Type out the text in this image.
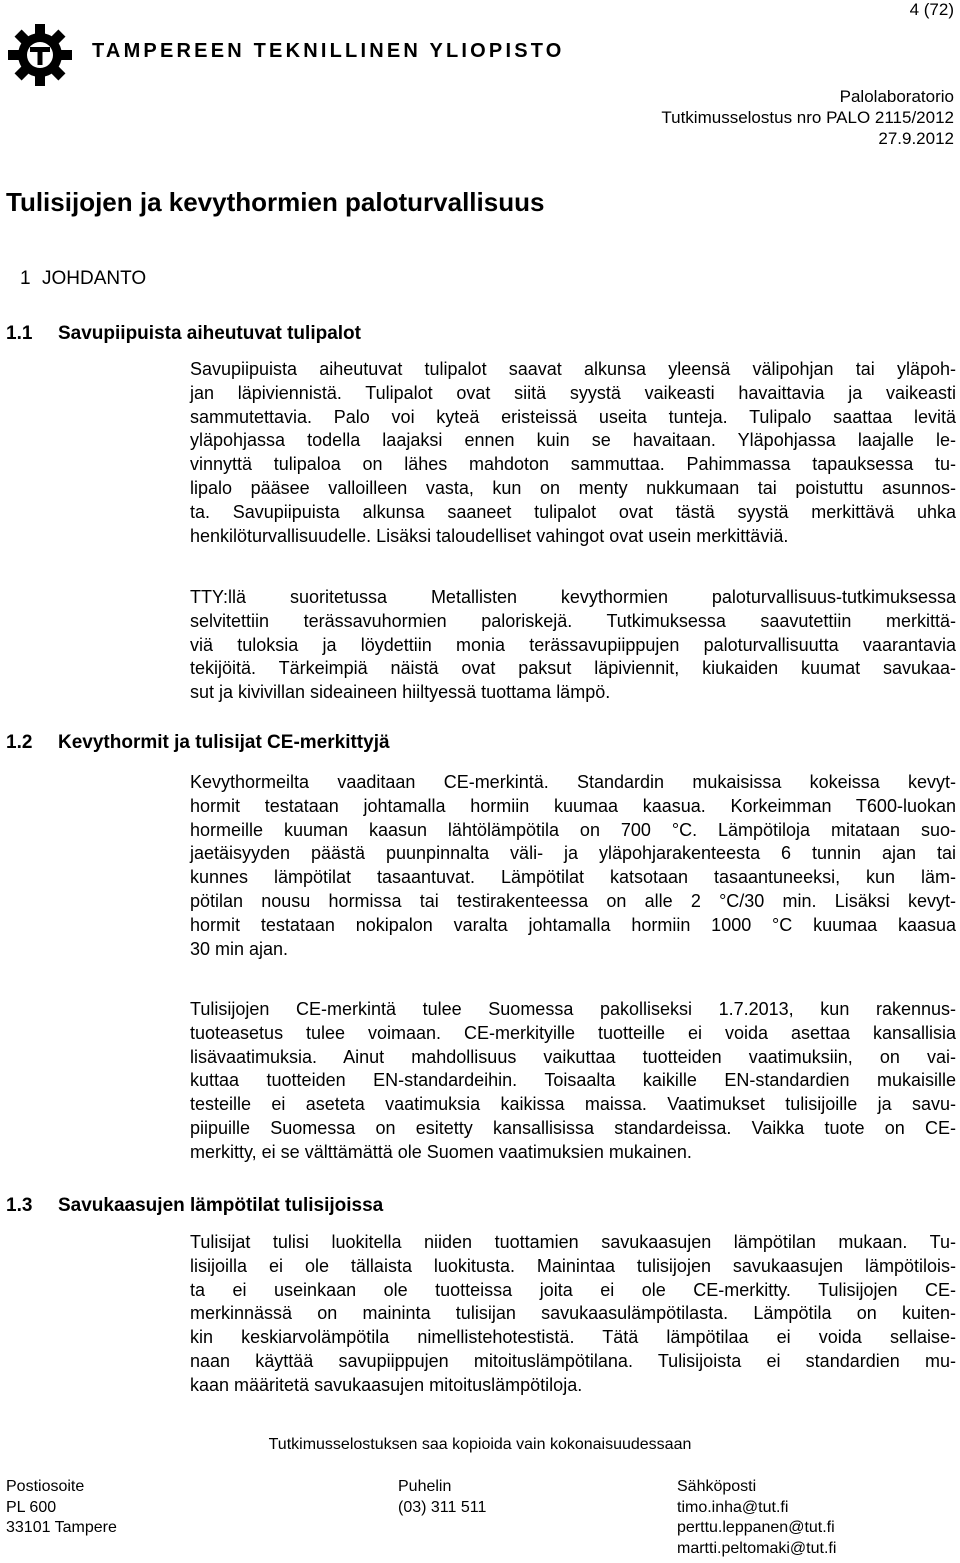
4 (72)
TAMPEREEN TEKNILLINEN YLIOPISTO
Palolaboratorio
Tutkimusselostus nro PALO 2115/2012
27.9.2012
Tulisijojen ja kevythormien paloturvallisuus
1 JOHDANTO
1.1 Savupiipuista aiheutuvat tulipalot
Savupiipuista aiheutuvat tulipalot saavat alkunsa yleensä välipohjan tai yläpoh-
jan läpiviennistä. Tulipalot ovat siitä syystä vaikeasti havaittavia ja vaikeasti
sammutettavia. Palo voi kyteä eristeissä useita tunteja. Tulipalo saattaa levitä
yläpohjassa todella laajaksi ennen kuin se havaitaan. Yläpohjassa laajalle le-
vinnyttä tulipaloa on lähes mahdoton sammuttaa. Pahimmassa tapauksessa tu-
lipalo pääsee valloilleen vasta, kun on menty nukkumaan tai poistuttu asunnos-
ta. Savupiipuista alkunsa saaneet tulipalot ovat tästä syystä merkittävä uhka
henkilöturvallisuudelle. Lisäksi taloudelliset vahingot ovat usein merkittäviä.
TTY:llä suoritetussa Metallisten kevythormien paloturvallisuus-tutkimuksessa
selvitettiin terässavuhormien paloriskejä. Tutkimuksessa saavutettiin merkittä-
viä tuloksia ja löydettiin monia terässavupiippujen paloturvallisuutta vaarantavia
tekijöitä. Tärkeimpiä näistä ovat paksut läpiviennit, kiukaiden kuumat savukaa-
sut ja kivivillan sideaineen hiiltyessä tuottama lämpö.
1.2 Kevythormit ja tulisijat CE-merkittyjä
Kevythormeilta vaaditaan CE-merkintä. Standardin mukaisissa kokeissa kevyt-
hormit testataan johtamalla hormiin kuumaa kaasua. Korkeimman T600-luokan
hormeille kuuman kaasun lähtölämpötila on 700 °C. Lämpötiloja mitataan suo-
jaetäisyyden päästä puunpinnalta väli- ja yläpohjarakenteesta 6 tunnin ajan tai
kunnes lämpötilat tasaantuvat. Lämpötilat katsotaan tasaantuneeksi, kun läm-
pötilan nousu hormissa tai testirakenteessa on alle 2 °C/30 min. Lisäksi kevyt-
hormit testataan nokipalon varalta johtamalla hormiin 1000 °C kuumaa kaasua
30 min ajan.
Tulisijojen CE-merkintä tulee Suomessa pakolliseksi 1.7.2013, kun rakennus-
tuoteasetus tulee voimaan. CE-merkityille tuotteille ei voida asettaa kansallisia
lisävaatimuksia. Ainut mahdollisuus vaikuttaa tuotteiden vaatimuksiin, on vai-
kuttaa tuotteiden EN-standardeihin. Toisaalta kaikille EN-standardien mukaisille
testeille ei aseteta vaatimuksia kaikissa maissa. Vaatimukset tulisijoille ja savu-
piipuille Suomessa on esitetty kansallisissa standardeissa. Vaikka tuote on CE-
merkitty, ei se välttämättä ole Suomen vaatimuksien mukainen.
1.3 Savukaasujen lämpötilat tulisijoissa
Tulisijat tulisi luokitella niiden tuottamien savukaasujen lämpötilan mukaan. Tu-
lisijoilla ei ole tällaista luokitusta. Mainintaa tulisijojen savukaasujen lämpötilois-
ta ei useinkaan ole tuotteissa joita ei ole CE-merkitty. Tulisijojen CE-
merkinnässä on maininta tulisijan savukaasulämpötilasta. Lämpötila on kuiten-
kin keskiarvolämpötila nimellistehotestistä. Tätä lämpötilaa ei voida sellaise-
naan käyttää savupiippujen mitoituslämpötilana. Tulisijoista ei standardien mu-
kaan määritetä savukaasujen mitoituslämpötiloja.
Tutkimusselostuksen saa kopioida vain kokonaisuudessaan
Postiosoite
PL 600
33101 Tampere
Puhelin
(03) 311 511
Sähköposti
timo.inha@tut.fi
perttu.leppanen@tut.fi
martti.peltomaki@tut.fi
